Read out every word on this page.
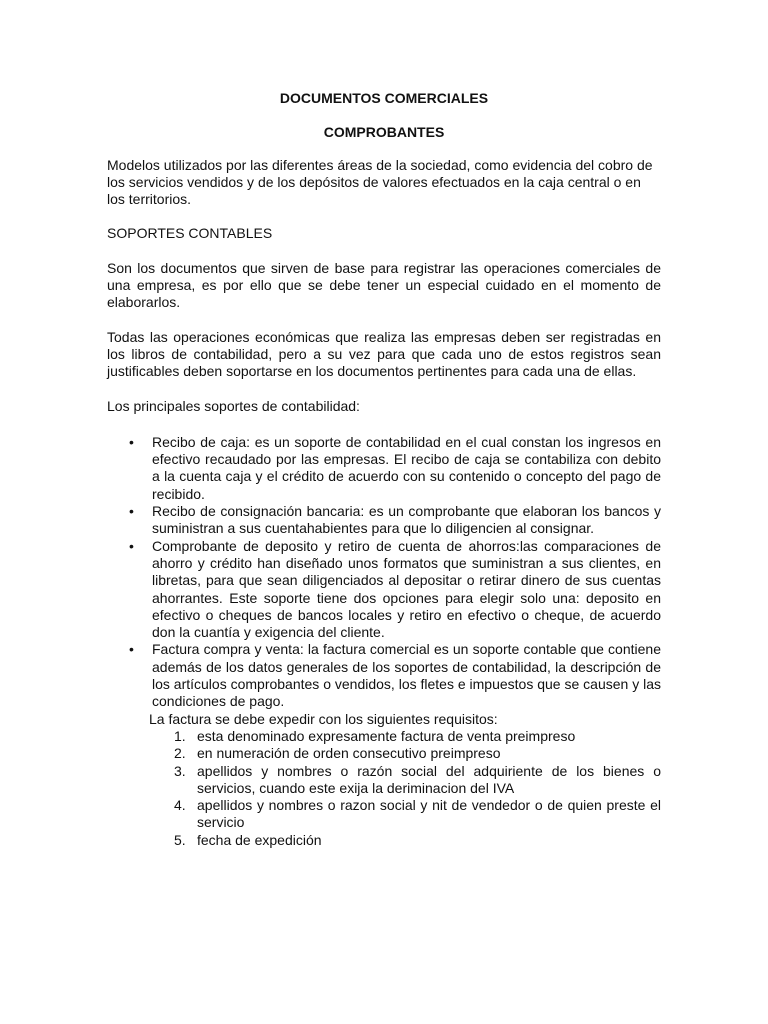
DOCUMENTOS COMERCIALES
COMPROBANTES

Modelos utilizados por las diferentes áreas de la sociedad, como evidencia del cobro de los servicios vendidos y de los depósitos de valores efectuados en la caja central o en los territorios.

SOPORTES CONTABLES

Son los documentos que sirven de base para registrar las operaciones comerciales de una empresa, es por ello que se debe tener un especial cuidado en el momento de elaborarlos.

Todas las operaciones económicas que realiza las empresas deben ser registradas en los libros de contabilidad, pero a su vez para que cada uno de estos registros sean justificables deben soportarse en los documentos pertinentes para cada una de ellas.

Los principales soportes de contabilidad:

• Recibo de caja: es un soporte de contabilidad en el cual constan los ingresos en efectivo recaudado por las empresas. El recibo de caja se contabiliza con debito a la cuenta caja y el crédito de acuerdo con su contenido o concepto del pago de recibido.
• Recibo de consignación bancaria: es un comprobante que elaboran los bancos y suministran a sus cuentahabientes para que lo diligencien al consignar.
• Comprobante de deposito y retiro de cuenta de ahorros:las comparaciones de ahorro y crédito han diseñado unos formatos que suministran a sus clientes, en libretas, para que sean diligenciados al depositar o retirar dinero de sus cuentas ahorrantes. Este soporte tiene dos opciones para elegir solo una: deposito en efectivo o cheques de bancos locales y retiro en efectivo o cheque, de acuerdo don la cuantía y exigencia del cliente.
• Factura compra y venta: la factura comercial es un soporte contable que contiene además de los datos generales de los soportes de contabilidad, la descripción de los artículos comprobantes o vendidos, los fletes e impuestos que se causen y las condiciones de pago.

La factura se debe expedir con los siguientes requisitos:

1. esta denominado expresamente factura de venta preimpreso
2. en numeración de orden consecutivo preimpreso
3. apellidos y nombres o razón social del adquiriente de los bienes o servicios, cuando este exija la deriminacion del IVA
4. apellidos y nombres o razon social y nit de vendedor o de quien preste el servicio
5. fecha de expedición
